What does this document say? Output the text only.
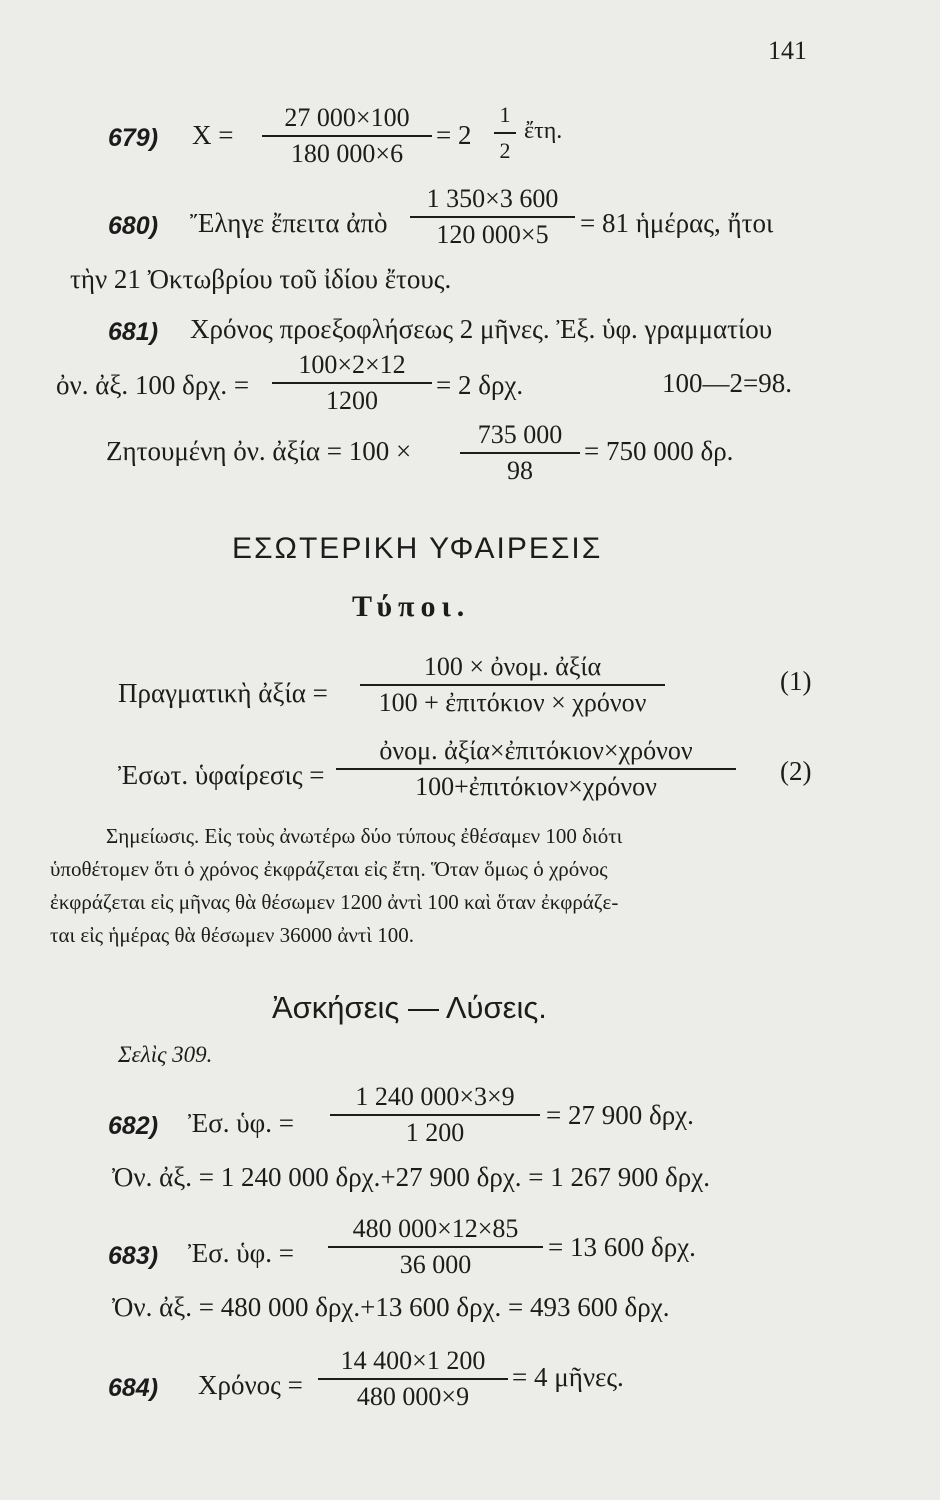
141
679) X =
27 000×100
180 000×6
= 2
1
2
ἔτη.
680) Ἔληγε ἔπειτα ἀπὸ
1 350×3 600
120 000×5	= 81 ἡμέρας, ἤτοι
τὴν 21 Ὀκτωβρίου τοῦ ἰδίου ἔτους.
681) Χρόνος προεξοφλήσεως 2 μῆνες. Ἐξ. ὑφ. γραμματίου
ὀν. ἀξ. 100 δρχ. =
100×2×12
1200
= 2 δρχ.	100—2=98.
Ζητουμένη ὀν. ἀξία = 100 ×
735 000
98
= 750 000 δρ.
ΕΣΩΤΕΡΙΚΗ ΥΦΑΙΡΕΣΙΣ
Τύποι.
Πραγματικὴ ἀξία =
100 × ὀνομ. ἀξία
100 + ἐπιτόκιον × χρόνον
(1)
Ἐσωτ. ὑφαίρεσις =
ὀνομ. ἀξία×ἐπιτόκιον×χρόνον
100+ἐπιτόκιον×χρόνον
(2)
Σημείωσις. Εἰς τοὺς ἀνωτέρω δύο τύπους ἐθέσαμεν 100 διότι
ὑποθέτομεν ὅτι ὁ χρόνος ἐκφράζεται εἰς ἔτη. Ὅταν ὅμως ὁ χρόνος
ἐκφράζεται εἰς μῆνας θὰ θέσωμεν 1200 ἀντὶ 100 καὶ ὅταν ἐκφράζε-
ται εἰς ἡμέρας θὰ θέσωμεν 36000 ἀντὶ 100.
Ἀσκήσεις — Λύσεις.
Σελὶς 309.
682) Ἐσ. ὑφ. =
1 240 000×3×9
1 200
= 27 900 δρχ.
Ὀν. ἀξ. = 1 240 000 δρχ.+27 900 δρχ. = 1 267 900 δρχ.
683) Ἐσ. ὑφ. =
480 000×12×85
36 000
= 13 600 δρχ.
Ὀν. ἀξ. = 480 000 δρχ.+13 600 δρχ. = 493 600 δρχ.
684) Χρόνος =
14 400×1 200
480 000×9
= 4 μῆνες.
